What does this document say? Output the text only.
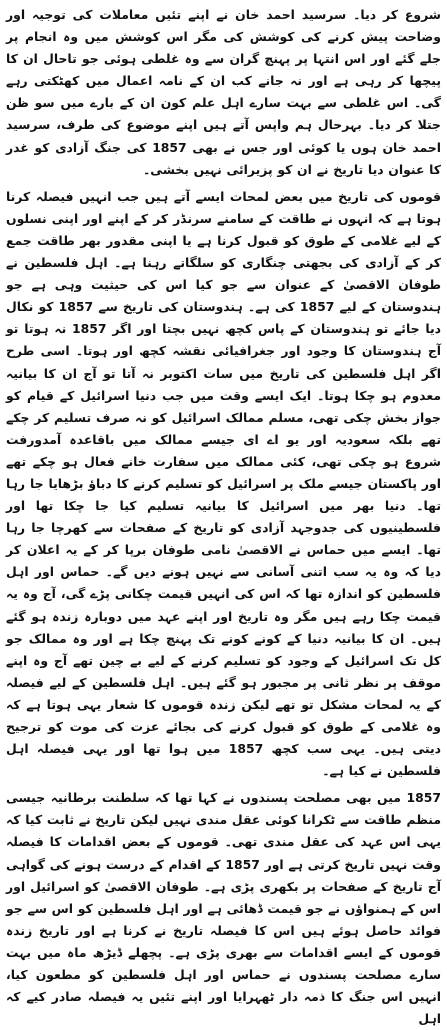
شروع کر دیا۔ سرسید احمد خان نے اپنے تئیں معاملات کی توجیہ اور وضاحت پیش کرنے کی کوشش کی مگر اس کوشش میں وہ انجام پر جلے گئے اور اس انتہا پر پہنچ گران سے وہ غلطی ہوئی جو تاحال ان کا پیچھا کر رہی ہے اور نہ جانے کب ان کے نامہ اعمال میں کھٹکتی رہے گی۔ اس غلطی سے بہت سارے اہل علم کون ان کے بارے میں سو ظن جتلا کر دیا۔ بہرحال ہم واپس آتے ہیں اپنے موضوع کی طرف، سرسید احمد خان ہوں یا کوئی اور جس نے بھی 1857 کی جنگ آزادی کو غدر کا عنوان دیا تاریخ نے ان کو پزیرائی نہیں بخشی۔

قوموں کی تاریخ میں بعض لمحات ایسے آتے ہیں جب انہیں فیصلہ کرنا ہوتا ہے کہ انہوں نے طاقت کے سامنے سرنڈر کر کے اپنے اور اپنی نسلوں کے لیے غلامی کے طوق کو قبول کرنا ہے یا اپنی مقدور بھر طاقت جمع کر کے آزادی کی بجھتی چنگاری کو سلگاتے رہنا ہے۔ اہل فلسطین نے طوفان الاقصیٰ کے عنوان سے جو کیا اس کی حیثیت وہی ہے جو ہندوستان کے لیے 1857 کی ہے۔ ہندوستان کی تاریخ سے 1857 کو نکال دیا جائے تو ہندوستان کے پاس کچھ نہیں بچتا اور اگر 1857 نہ ہوتا تو آج ہندوستان کا وجود اور جغرافیائی نقشہ کچھ اور ہوتا۔ اسی طرح اگر اہل فلسطین کی تاریخ میں سات اکتوبر نہ آتا تو آج ان کا بیانیہ معدوم ہو چکا ہوتا۔ ایک ایسے وقت میں جب دنیا اسرائیل کے قیام کو جواز بخش چکی تھی، مسلم ممالک اسرائیل کو نہ صرف تسلیم کر چکے تھے بلکہ سعودیہ اور یو اے ای جیسے ممالک میں باقاعدہ آمدورفت شروع ہو چکی تھی، کئی ممالک میں سفارت خانے فعال ہو چکے تھے اور پاکستان جیسے ملک پر اسرائیل کو تسلیم کرنے کا دباؤ بڑھایا جا رہا تھا۔ دنیا بھر میں اسرائیل کا بیانیہ تسلیم کیا جا چکا تھا اور فلسطینیوں کی جدوجہد آزادی کو تاریخ کے صفحات سے کھرچا جا رہا تھا۔ ایسے میں حماس نے الاقصیٰ نامی طوفان برپا کر کے یہ اعلان کر دیا کہ وہ یہ سب اتنی آسانی سے نہیں ہونے دیں گے۔ حماس اور اہل فلسطین کو اندازہ تھا کہ اس کی انہیں قیمت چکانی پڑے گی، آج وہ یہ قیمت چکا رہے ہیں مگر وہ تاریخ اور اپنے عہد میں دوبارہ زندہ ہو گئے ہیں۔ ان کا بیانیہ دنیا کے کونے کونے تک پہنچ چکا ہے اور وہ ممالک جو کل تک اسرائیل کے وجود کو تسلیم کرنے کے لیے بے چین تھے آج وہ اپنے موقف پر نظر ثانی پر مجبور ہو گئے ہیں۔ اہل فلسطین کے لیے فیصلہ کے یہ لمحات مشکل تو تھے لیکن زندہ قوموں کا شعار یہی ہوتا ہے کہ وہ غلامی کے طوق کو قبول کرنے کی بجائے عزت کی موت کو ترجیح دیتی ہیں۔ یہی سب کچھ 1857 میں ہوا تھا اور یہی فیصلہ اہل فلسطین نے کیا ہے۔

1857 میں بھی مصلحت پسندوں نے کہا تھا کہ سلطنت برطانیہ جیسی منظم طاقت سے ٹکرانا کوئی عقل مندی نہیں لیکن تاریخ نے ثابت کیا کہ یہی اس عہد کی عقل مندی تھی۔ قوموں کے بعض اقدامات کا فیصلہ وقت نہیں تاریخ کرتی ہے اور 1857 کے اقدام کے درست ہونے کی گواہی آج تاریخ کے صفحات پر بکھری پڑی ہے۔ طوفان الاقصیٰ کو اسرائیل اور اس کے ہمنواؤں نے جو قیمت ڈھائی ہے اور اہل فلسطین کو اس سے جو فوائد حاصل ہوئے ہیں اس کا فیصلہ تاریخ نے کرنا ہے اور تاریخ زندہ قوموں کے ایسے اقدامات سے بھری پڑی ہے۔ پچھلے ڈیڑھ ماہ میں بہت سارے مصلحت پسندوں نے حماس اور اہل فلسطین کو مطعون کیا، انہیں اس جنگ کا ذمہ دار ٹھہرایا اور اپنے تئیں یہ فیصلہ صادر کیے کہ اہل
